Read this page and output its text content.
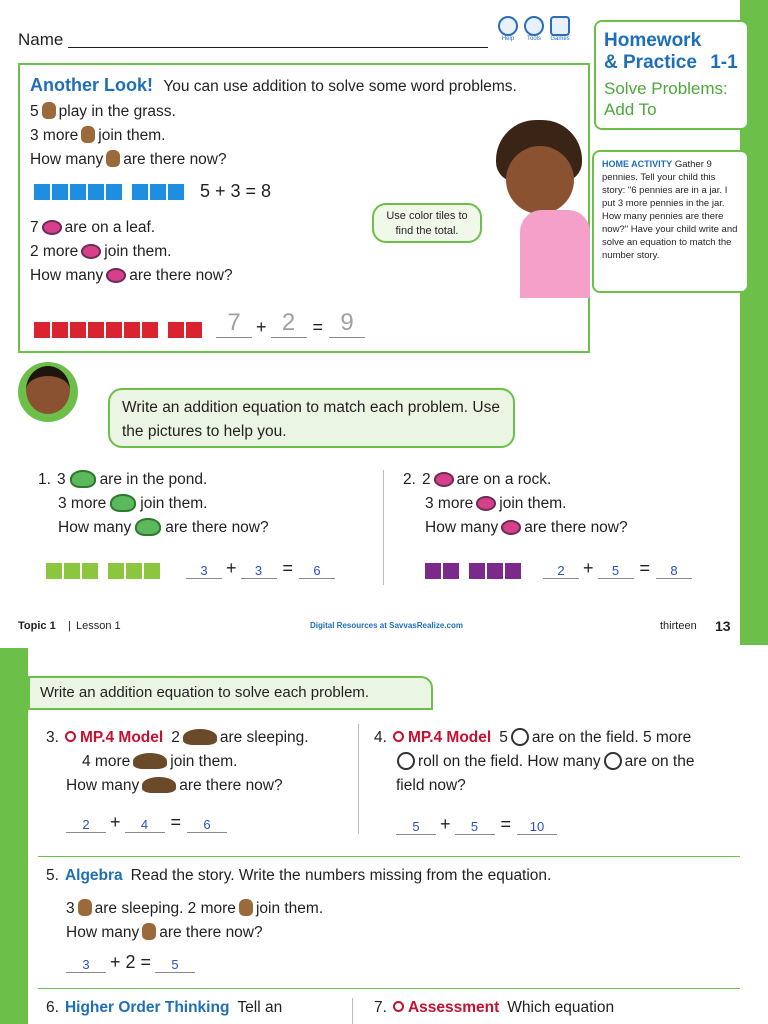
Name	Help	Tools	Games Homework
& Practice 1-1
Solve Problems:
Add To
HOME ACTIVITY Gather 9 pennies. Tell your child this story: "6 pennies are in a jar. I put 3 more pennies in the jar. How many pennies are there now?" Have your child write and solve an equation to match the number story.
Another Look! You can use addition to solve some word problems.
5 play in the grass.
3 more join them.
How many are there now?
5 + 3 = 8
7 are on a leaf.
2 more join them.
How many are there now?
7 + 2 = 9
Use color tiles to find the total.
Write an addition equation to match each problem. Use the pictures to help you.
1. 3 are in the pond.
3 more join them.
How many are there now?
3	+	3	=	6
2. 2 are on a rock.
3 more join them.
How many are there now?
2	+	5	=	8
Topic 1 | Lesson 1	Digital Resources at SavvasRealize.com	thirteen 13
Write an addition equation to solve each problem.
3. MP.4 Model 2	are sleeping.
4 more	join them.
How many	are there now?
2	+	4	=	6
4. MP.4 Model 5 are on the field. 5 more
roll on the field. How many are on the
field now?
5	+	5	=	10
5. Algebra Read the story. Write the numbers missing from the equation.
3 are sleeping. 2 more join them.
How many are there now?
3	+ 2 =	5
6. Higher Order Thinking Tell an	7. Assessment Which equation
